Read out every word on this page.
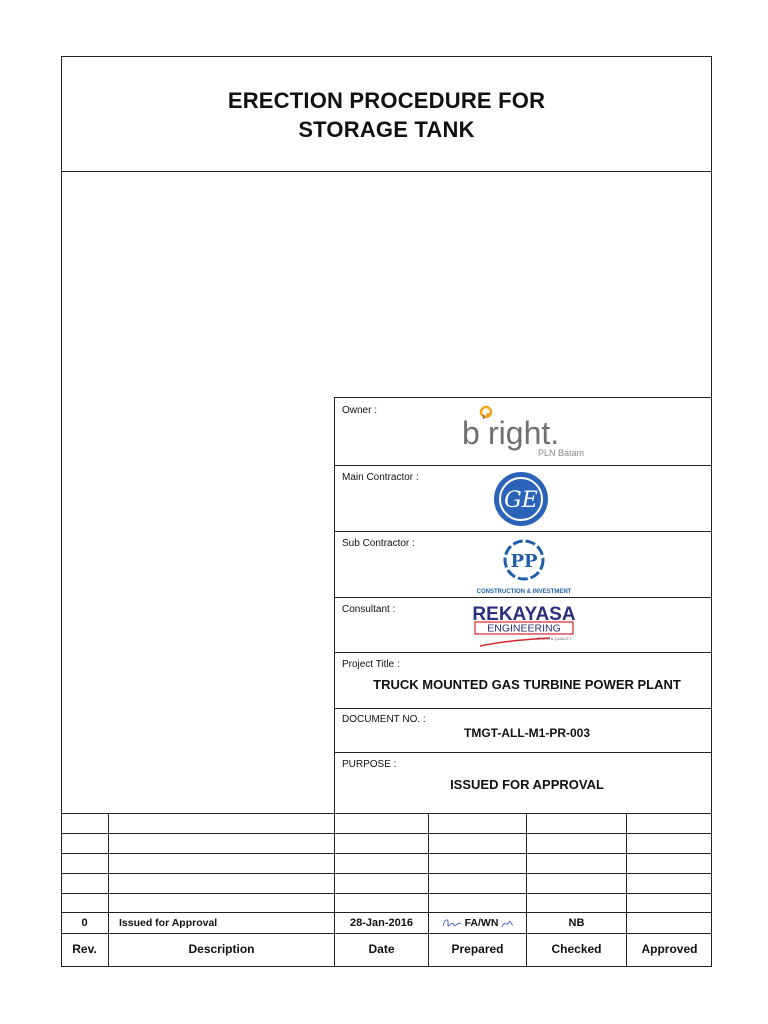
ERECTION PROCEDURE FOR
STORAGE TANK
Owner :
b ' right.
PLN Batam
Main Contractor :
GE
Sub Contractor :
PP
CONSTRUCTION & INVESTMENT
Consultant :	REKAYASA
ENGINEERING
SPEED & QUALITY
Project Title :
TRUCK MOUNTED GAS TURBINE POWER PLANT
DOCUMENT NO. :
TMGT-ALL-M1-PR-003
PURPOSE :
ISSUED FOR APPROVAL
0	Issued for Approval	28-Jan-2016	FA/WN	NB
Rev.	Description	Date	Prepared	Checked	Approved
